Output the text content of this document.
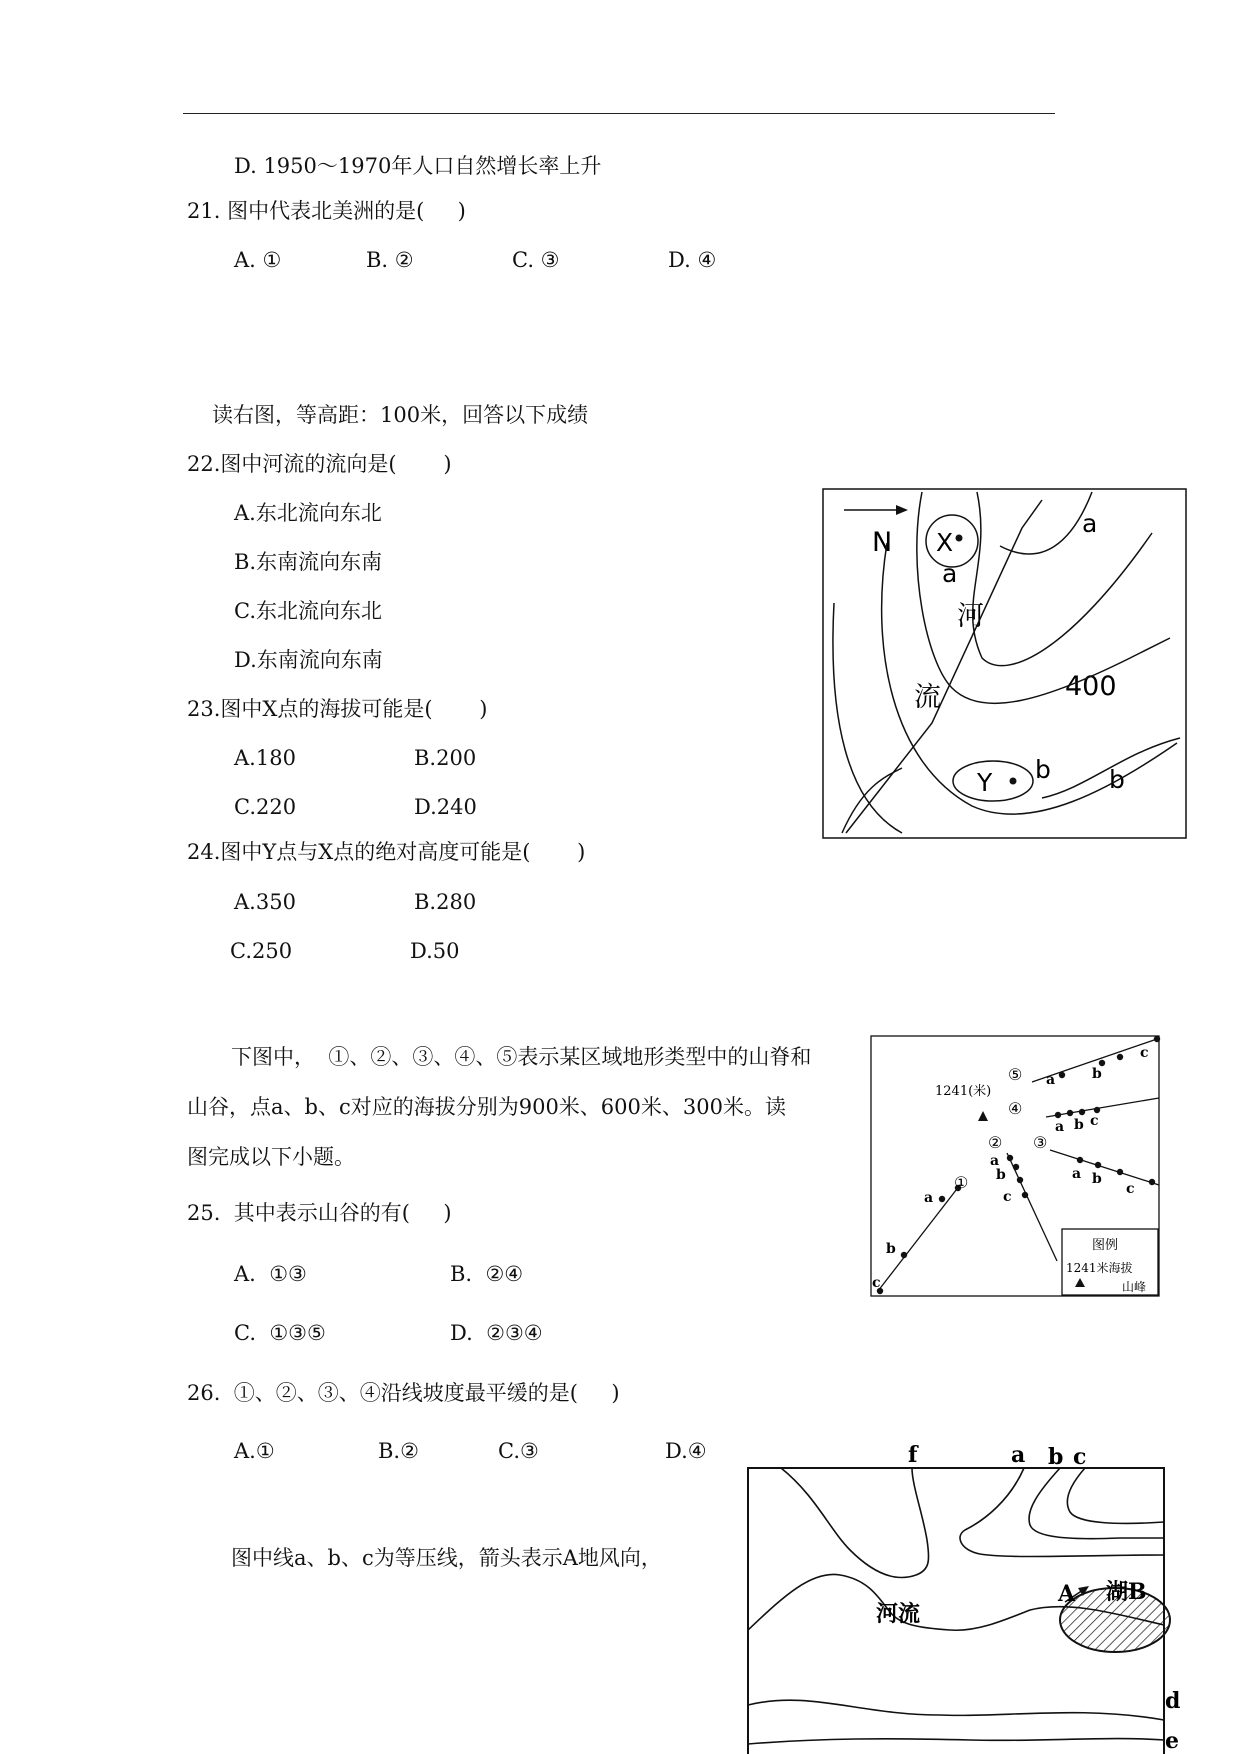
D. 1950～1970年人口自然增长率上升
21. 图中代表北美洲的是(     )
A. ①	B. ②	C. ③	D. ④
读右图，等高距：100米，回答以下成绩
22.图中河流的流向是(       )
A.东北流向东北
B.东南流向东南
C.东北流向东北
D.东南流向东南
23.图中X点的海拔可能是(       )
A.180	B.200
C.220	D.240
24.图中Y点与X点的绝对高度可能是(       )
A.350	B.280
C.250	D.50
N X
a
a
河
流	400
Y b b
下图中，  ①、②、③、④、⑤表示某区域地形类型中的山脊和
山谷，点a、b、c对应的海拔分别为900米、600米、300米。读
图完成以下小题。
1241(米)
①
② ③
④
⑤
c
b
a
a
b
c
a b
c
a b c
a	b
c
图例
1241米海拔
山峰
25.  其中表示山谷的有(     )
A.  ①③	B.  ②④
C.  ①③⑤	D.  ②③④
26.  ①、②、③、④沿线坡度最平缓的是(     )
A.①	B.②	C.③	D.④
图中线a、b、c为等压线，箭头表示A地风向，
f	a b c
d
e
A 湖B
河流
